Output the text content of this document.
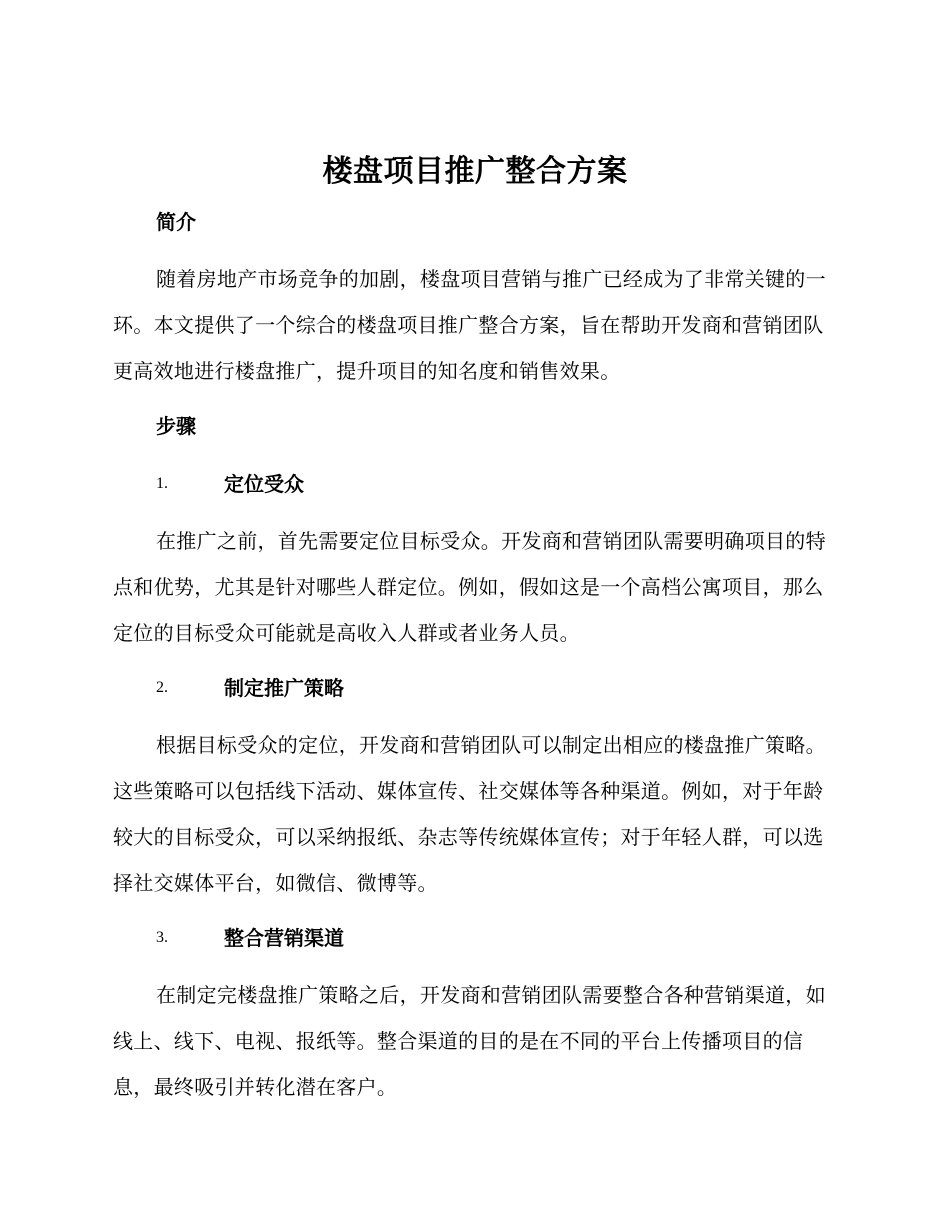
楼盘项目推广整合方案
简介
随着房地产市场竞争的加剧，楼盘项目营销与推广已经成为了非常关键的一环。本文提供了一个综合的楼盘项目推广整合方案，旨在帮助开发商和营销团队更高效地进行楼盘推广，提升项目的知名度和销售效果。
步骤
1.	定位受众
在推广之前，首先需要定位目标受众。开发商和营销团队需要明确项目的特点和优势，尤其是针对哪些人群定位。例如，假如这是一个高档公寓项目，那么定位的目标受众可能就是高收入人群或者业务人员。
2.	制定推广策略
根据目标受众的定位，开发商和营销团队可以制定出相应的楼盘推广策略。这些策略可以包括线下活动、媒体宣传、社交媒体等各种渠道。例如，对于年龄较大的目标受众，可以采纳报纸、杂志等传统媒体宣传；对于年轻人群，可以选择社交媒体平台，如微信、微博等。
3.	整合营销渠道
在制定完楼盘推广策略之后，开发商和营销团队需要整合各种营销渠道，如线上、线下、电视、报纸等。整合渠道的目的是在不同的平台上传播项目的信息，最终吸引并转化潜在客户。
